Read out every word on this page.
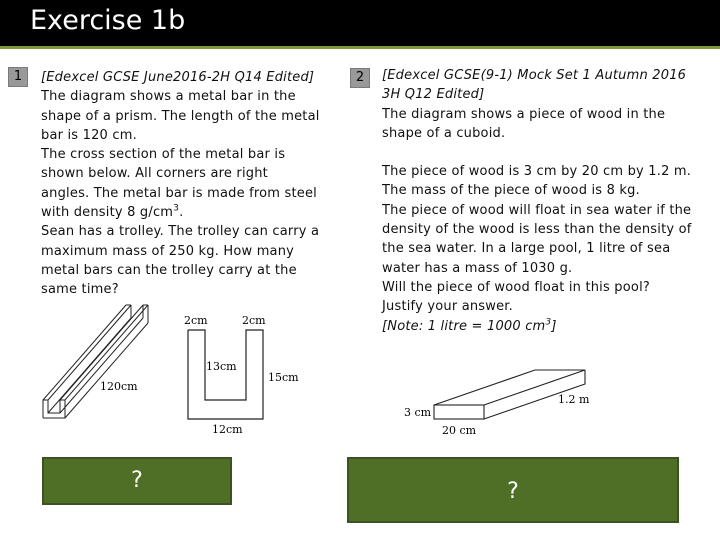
Exercise 1b
1	[Edexcel GCSE June2016-2H Q14 Edited]

The diagram shows a metal bar in the

shape of a prism. The length of the metal

bar is 120 cm.

The cross section of the metal bar is

shown below. All corners are right

angles. The metal bar is made from steel

with density 8 $g/cm^3$.

Sean has a trolley. The trolley can carry a

maximum mass of 250 kg. How many

metal bars can the trolley carry at the

same time?

120cm
2cm	2cm
13cm
15cm
12cm
?
2	[Edexcel GCSE(9-1) Mock Set 1 Autumn 2016

3H Q12 Edited]

The diagram shows a piece of wood in the

shape of a cuboid.

The piece of wood is 3 cm by 20 cm by 1.2 m.

The mass of the piece of wood is 8 kg.

The piece of wood will float in sea water if the

density of the wood is less than the density of

the sea water. In a large pool, 1 litre of sea

water has a mass of 1030 g.

Will the piece of wood float in this pool?

Justify your answer.

[Note: 1 litre = 1000 $cm^3$]

3 cm
1.2 m
20 cm
?
